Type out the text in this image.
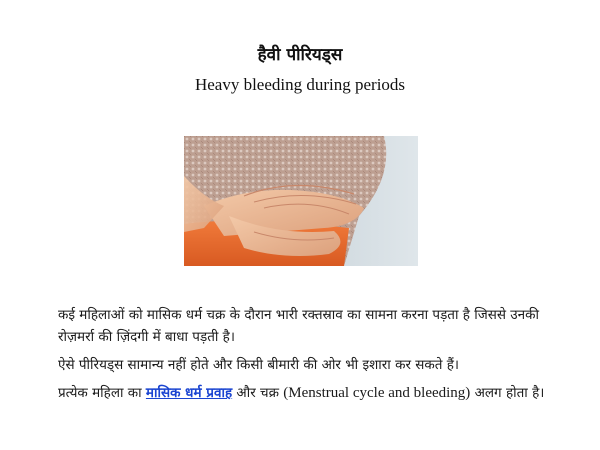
हैवी पीरियड्स
Heavy bleeding during periods

कई महिलाओं को मासिक धर्म चक्र के दौरान भारी रक्तस्राव का सामना करना पड़ता है जिससे उनकी रोज़मर्रा की ज़िंदगी में बाधा पड़ती है।

ऐसे पीरियड्स सामान्य नहीं होते और किसी बीमारी की ओर भी इशारा कर सकते हैं।

प्रत्येक महिला का मासिक धर्म प्रवाह और चक्र (Menstrual cycle and bleeding) अलग होता है।
